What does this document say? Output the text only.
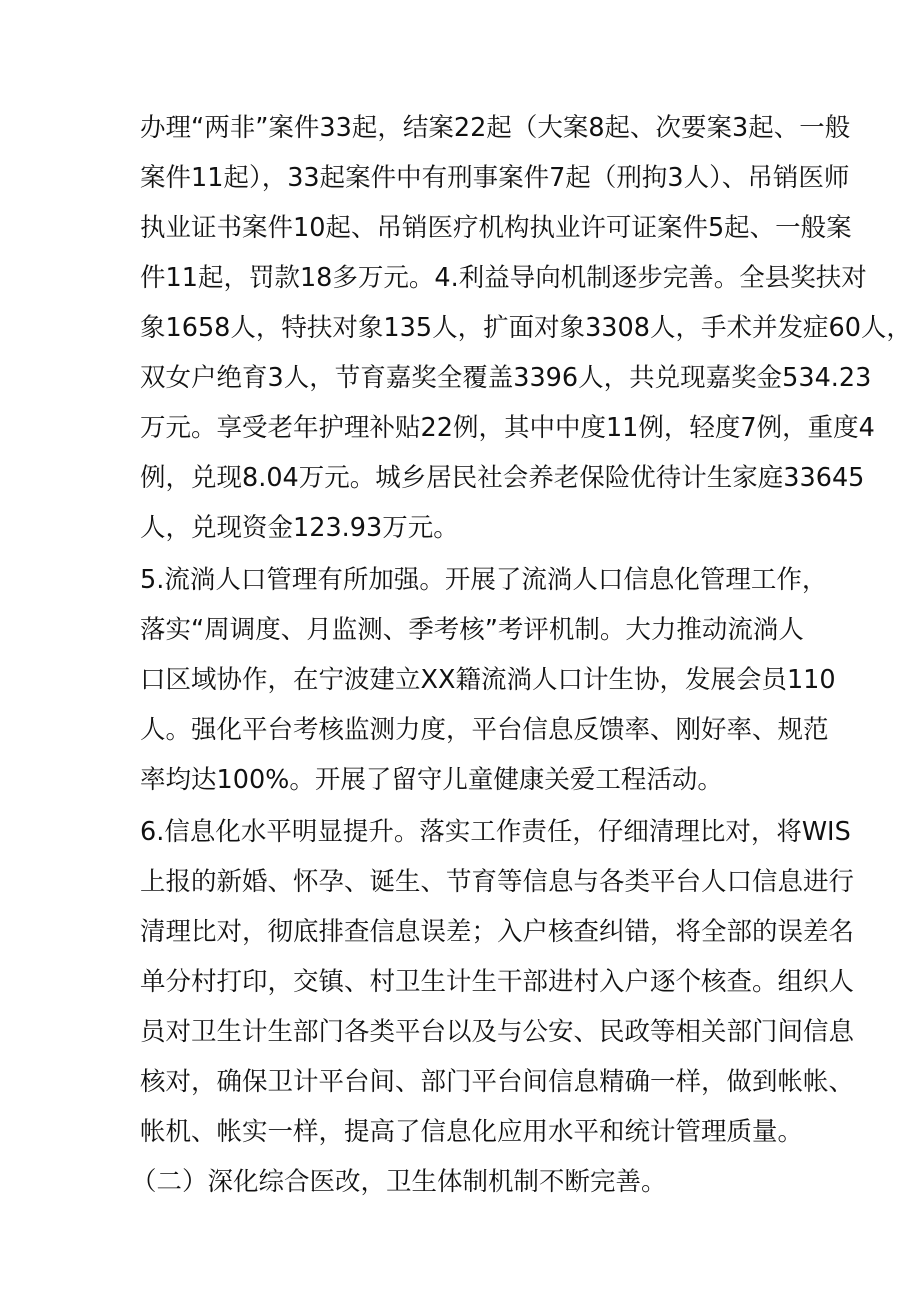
办理“两非”案件33起，结案22起（大案8起、次要案3起、一般
案件11起），33起案件中有刑事案件7起（刑拘3人）、吊销医师
执业证书案件10起、吊销医疗机构执业许可证案件5起、一般案
件11起，罚款18多万元。4.利益导向机制逐步完善。全县奖扶对
象1658人，特扶对象135人，扩面对象3308人，手术并发症60人，
双女户绝育3人，节育嘉奖全覆盖3396人，共兑现嘉奖金534.23
万元。享受老年护理补贴22例，其中中度11例，轻度7例，重度4
例，兑现8.04万元。城乡居民社会养老保险优待计生家庭33645
人，兑现资金123.93万元。
5.流淌人口管理有所加强。开展了流淌人口信息化管理工作，
落实“周调度、月监测、季考核”考评机制。大力推动流淌人
口区域协作，在宁波建立XX籍流淌人口计生协，发展会员110
人。强化平台考核监测力度，平台信息反馈率、刚好率、规范
率均达100%。开展了留守儿童健康关爱工程活动。
6.信息化水平明显提升。落实工作责任，仔细清理比对，将WIS
上报的新婚、怀孕、诞生、节育等信息与各类平台人口信息进行
清理比对，彻底排查信息误差；入户核查纠错，将全部的误差名
单分村打印，交镇、村卫生计生干部进村入户逐个核查。组织人
员对卫生计生部门各类平台以及与公安、民政等相关部门间信息
核对，确保卫计平台间、部门平台间信息精确一样，做到帐帐、
帐机、帐实一样，提高了信息化应用水平和统计管理质量。
（二）深化综合医改，卫生体制机制不断完善。
